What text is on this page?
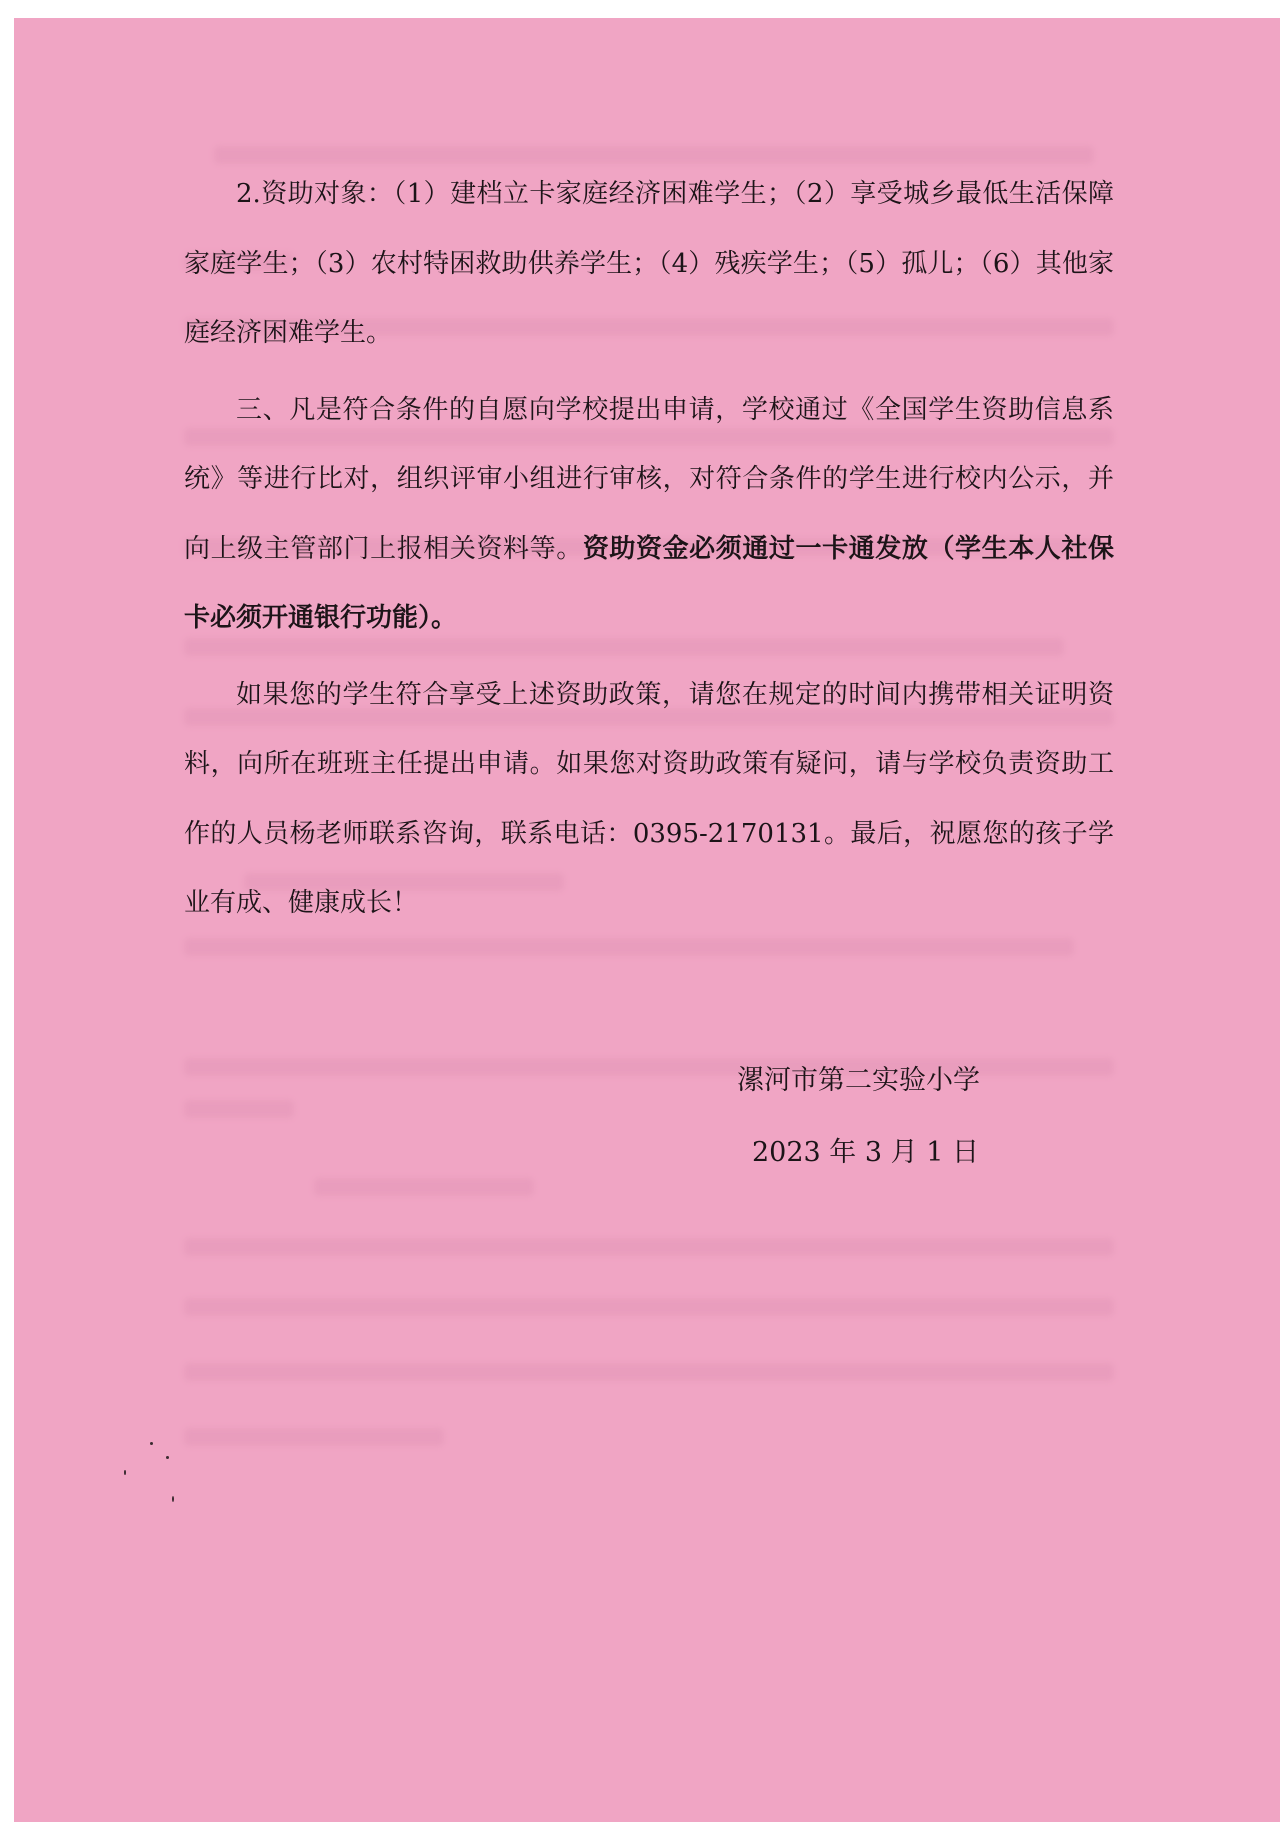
2.资助对象：（1）建档立卡家庭经济困难学生；（2）享受城乡最低生活保障家庭学生；（3）农村特困救助供养学生；（4）残疾学生；（5）孤儿；（6）其他家庭经济困难学生。

三、凡是符合条件的自愿向学校提出申请，学校通过《全国学生资助信息系统》等进行比对，组织评审小组进行审核，对符合条件的学生进行校内公示，并向上级主管部门上报相关资料等。资助资金必须通过一卡通发放（学生本人社保卡必须开通银行功能）。

如果您的学生符合享受上述资助政策，请您在规定的时间内携带相关证明资料，向所在班班主任提出申请。如果您对资助政策有疑问，请与学校负责资助工作的人员杨老师联系咨询，联系电话：0395-2170131。最后，祝愿您的孩子学业有成、健康成长！

漯河市第二实验小学
2023 年 3 月 1 日
